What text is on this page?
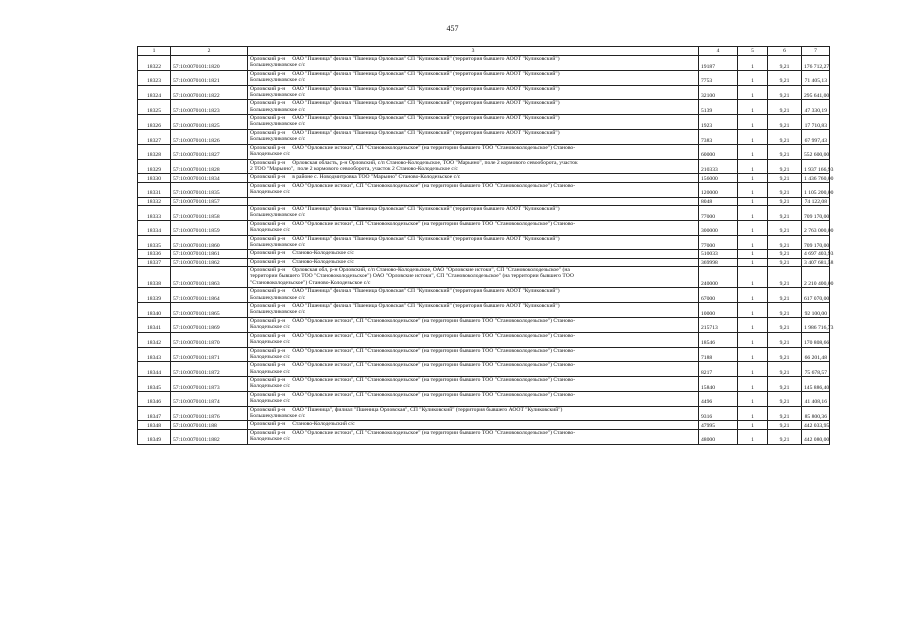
457
1	2	3	4	5	6	7
18322	57:10:0070101:1820	Орловский р-н     ОАО "Пшеница" филиал "Пшеница Орловская" СП "Куликовский" (территория бывшего АООТ "Куликовский")
Большекуликовское с/с	19187	1	9,21	176 712,27
18323	57:10:0070101:1821	Орловский р-н     ОАО "Пшеница" филиал "Пшеница Орловская" СП "Куликовский" (территория бывшего АООТ "Куликовский")
Большекуликовское с/с	7753	1	9,21	71 405,13
18324	57:10:0070101:1822	Орловский р-н     ОАО "Пшеница" филиал "Пшеница Орловская" СП "Куликовский" (территория бывшего АООТ "Куликовский")
Большекуликовское с/с	32100	1	9,21	295 641,00
18325	57:10:0070101:1823	Орловский р-н     ОАО "Пшеница" филиал "Пшеница Орловская" СП "Куликовский" (территория бывшего АООТ "Куликовский")
Большекуликовское с/с	5139	1	9,21	47 330,19
18326	57:10:0070101:1825	Орловский р-н     ОАО "Пшеница" филиал "Пшеница Орловская" СП "Куликовский" (территория бывшего АООТ "Куликовский")
Большекуликовское с/с	1923	1	9,21	17 710,83
18327	57:10:0070101:1826	Орловский р-н     ОАО "Пшеница" филиал "Пшеница Орловская" СП "Куликовский" (территория бывшего АООТ "Куликовский")
Большекуликовское с/с	7383	1	9,21	67 997,43
18328	57:10:0070101:1827	Орловский р-н     ОАО "Орловские истоки", СП "Становоколодезьское" (на территории бывшего ТОО "Становоколодезьское") Станово-
Колодезьское с/с	60000	1	9,21	552 600,00
18329	57:10:0070101:1828	Орловский р-н     Орловская область, р-н Орловский, с/п Станово-Колодезьское, ТОО "Марьино", поле 2 кормового севооборота, участок
2 ТОО "Марьино",  поле 2 кормового севооборота, участок 2 Станово-Колодезьское с/с	210333	1	9,21	1 937 166,93
18330	57:10:0070101:1834	Орловский р-н     в районе с. Новодмитровка ТОО "Марьино" Станово-Колодезьское с/с	156000	1	9,21	1 436 760,00
18331	57:10:0070101:1835	Орловский р-н     ОАО "Орловские истоки", СП "Становоколодезьское" (на территории бывшего ТОО "Становоколодезьское") Станово-
Колодезьское с/с	120000	1	9,21	1 105 200,00
18332	57:10:0070101:1857		8048	1	9,21	74 122,08
18333	57:10:0070101:1858	Орловский р-н     ОАО "Пшеница" филиал "Пшеница Орловская" СП "Куликовский" (территория бывшего АООТ "Куликовский")
Большекуликовское с/с	77000	1	9,21	709 170,00
18334	57:10:0070101:1859	Орловский р-н     ОАО "Орловские истоки", СП "Становоколодезьское" (на территории бывшего ТОО "Становоколодезьское") Станово-
Колодезьское с/с	300000	1	9,21	2 763 000,00
18335	57:10:0070101:1860	Орловский р-н     ОАО "Пшеница" филиал "Пшеница Орловская" СП "Куликовский" (территория бывшего АООТ "Куликовский")
Большекуликовское с/с	77000	1	9,21	709 170,00
18336	57:10:0070101:1861	Орловский р-н     Станово-Колодезьское с/с	510033	1	9,21	4 697 403,93
18337	57:10:0070101:1862	Орловский р-н     Станово-Колодезьское с/с	369998	1	9,21	3 407 681,58
18338	57:10:0070101:1863	Орловский р-н     Орловская обл, р-н Орловский, с/п Станово-Колодезьское, ОАО "Орловские истоки", СП "Становоколодезьское" (на
территории бывшего ТОО "Становоколодезьское") ОАО "Орловские истоки", СП "Становоколодезьское" (на территории бывшего ТОО
"Становоколодезьское") Станово-Колодезьское с/с	240000	1	9,21	2 210 400,00
18339	57:10:0070101:1864	Орловский р-н     ОАО "Пшеница" филиал "Пшеница Орловская" СП "Куликовский" (территория бывшего АООТ "Куликовский")
Большекуликовское с/с	67000	1	9,21	617 070,00
18340	57:10:0070101:1865	Орловский р-н     ОАО "Пшеница" филиал "Пшеница Орловская" СП "Куликовский" (территория бывшего АООТ "Куликовский")
Большекуликовское с/с	10000	1	9,21	92 100,00
18341	57:10:0070101:1869	Орловский р-н     ОАО "Орловские истоки", СП "Становоколодезьское" (на территории бывшего ТОО "Становоколодезьское") Станово-
Колодезьское с/с	215713	1	9,21	1 986 716,73
18342	57:10:0070101:1870	Орловский р-н     ОАО "Орловские истоки", СП "Становоколодезьское" (на территории бывшего ТОО "Становоколодезьское") Станово-
Колодезьское с/с	18546	1	9,21	170 808,66
18343	57:10:0070101:1871	Орловский р-н     ОАО "Орловские истоки", СП "Становоколодезьское" (на территории бывшего ТОО "Становоколодезьское") Станово-
Колодезьское с/с	7188	1	9,21	66 201,48
18344	57:10:0070101:1872	Орловский р-н     ОАО "Орловские истоки", СП "Становоколодезьское" (на территории бывшего ТОО "Становоколодезьское") Станово-
Колодезьское с/с	8217	1	9,21	75 678,57
18345	57:10:0070101:1873	Орловский р-н     ОАО "Орловские истоки", СП "Становоколодезьское" (на территории бывшего ТОО "Становоколодезьское") Станово-
Колодезьское с/с	15840	1	9,21	145 886,40
18346	57:10:0070101:1874	Орловский р-н     ОАО "Орловские истоки", СП "Становоколодезьское" (на территории бывшего ТОО "Становоколодезьское") Станово-
Колодезьское с/с	4496	1	9,21	41 408,16
18347	57:10:0070101:1876	Орловский р-н     ОАО "Пшеница", филиал "Пшеница Орловская", СП "Куликовский" (территория бывшего АООТ "Куликовский")
Большекуликовское с/с	9316	1	9,21	85 800,36
18348	57:10:0070101:188	Орловский р-н     Станово-Колодезьский с/с	47995	1	9,21	442 033,95
18349	57:10:0070101:1882	Орловский р-н     ОАО "Орловские истоки", СП "Становоколодезьское" (на территории бывшего ТОО "Становоколодезьское") Станово-
Колодезьское с/с	48000	1	9,21	442 080,00
